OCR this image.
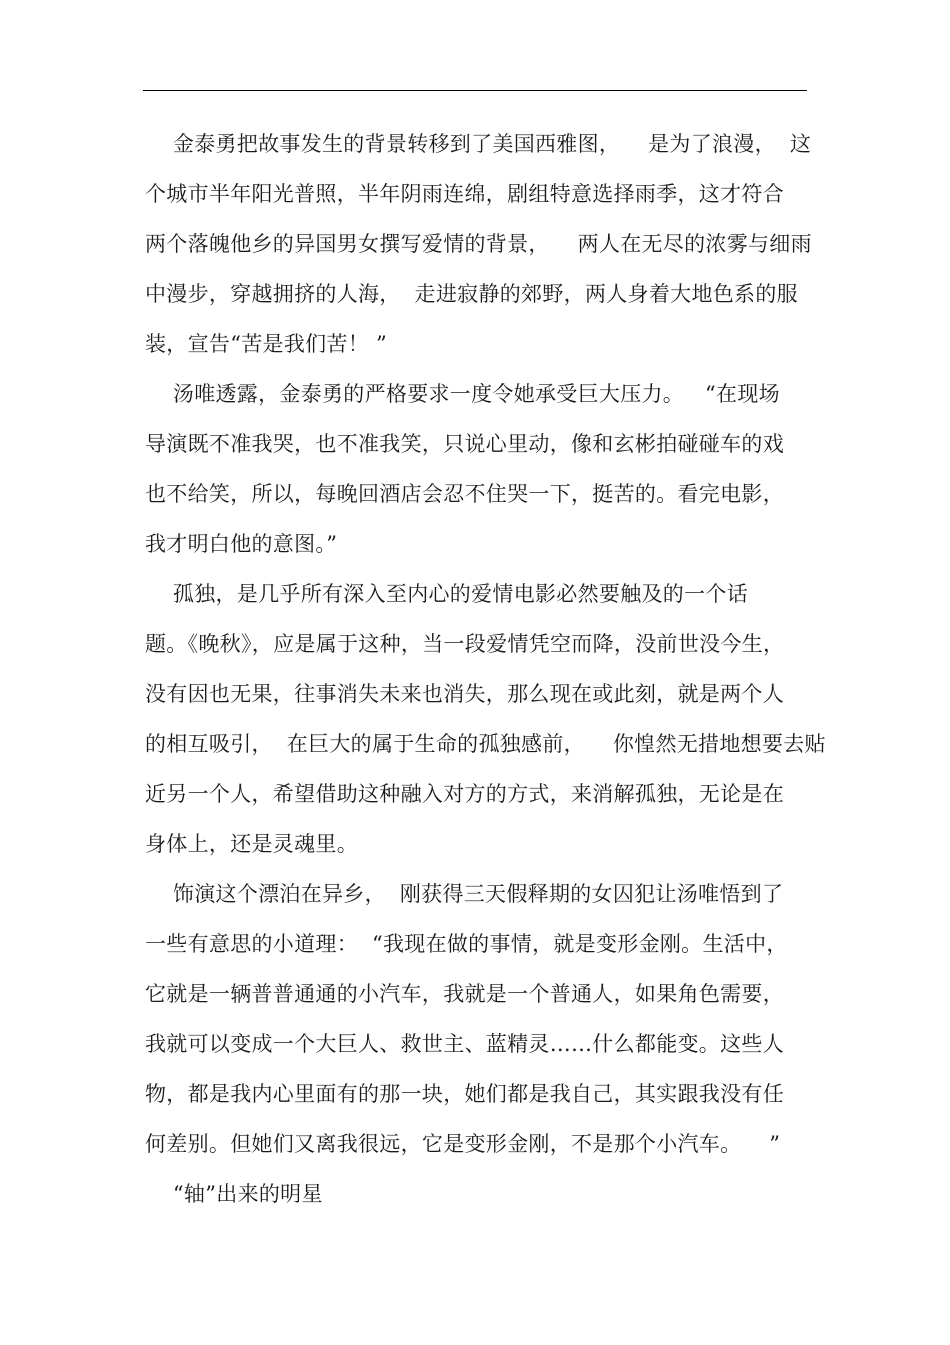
金泰勇把故事发生的背景转移到了美国西雅图，    是为了浪漫，  这
个城市半年阳光普照，半年阴雨连绵，剧组特意选择雨季，这才符合
两个落魄他乡的异国男女撰写爱情的背景，    两人在无尽的浓雾与细雨
中漫步，穿越拥挤的人海，  走进寂静的郊野，两人身着大地色系的服
装，宣告“苦是我们苦！ ”
汤唯透露，金泰勇的严格要求一度令她承受巨大压力。   “在现场
导演既不准我哭，也不准我笑，只说心里动，像和玄彬拍碰碰车的戏
也不给笑，所以，每晚回酒店会忍不住哭一下，挺苦的。看完电影，
我才明白他的意图。”
孤独，是几乎所有深入至内心的爱情电影必然要触及的一个话
题。《晚秋》，应是属于这种，当一段爱情凭空而降，没前世没今生，
没有因也无果，往事消失未来也消失，那么现在或此刻，就是两个人
的相互吸引，  在巨大的属于生命的孤独感前，    你惶然无措地想要去贴
近另一个人，希望借助这种融入对方的方式，来消解孤独，无论是在
身体上，还是灵魂里。
饰演这个漂泊在异乡，  刚获得三天假释期的女囚犯让汤唯悟到了
一些有意思的小道理：  “我现在做的事情，就是变形金刚。生活中，
它就是一辆普普通通的小汽车，我就是一个普通人，如果角色需要，
我就可以变成一个大巨人、救世主、蓝精灵……什么都能变。这些人
物，都是我内心里面有的那一块，她们都是我自己，其实跟我没有任
何差别。但她们又离我很远，它是变形金刚，不是那个小汽车。    ”
“轴”出来的明星
